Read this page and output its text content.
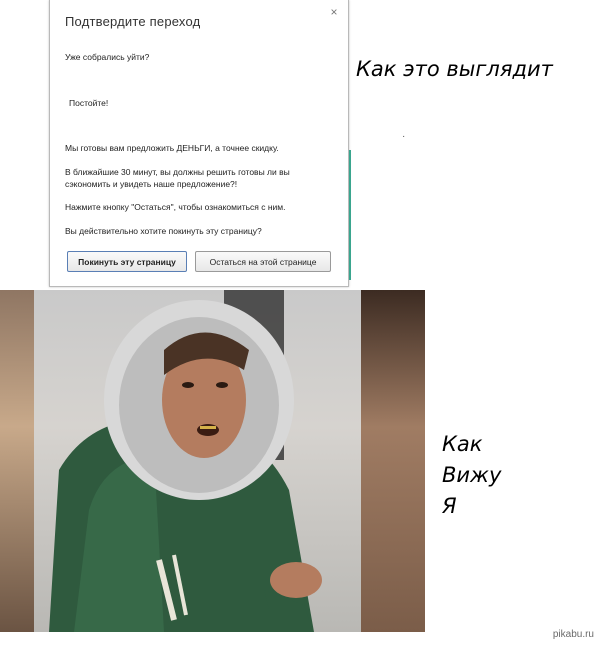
Подтвердите переход
×
Уже собрались уйти?
Постойте!
Мы готовы вам предложить ДЕНЬГИ, а точнее скидку.
В ближайшие 30 минут, вы должны решить готовы ли вы сэкономить и увидеть наше предложение?!
Нажмите кнопку "Остаться", чтобы ознакомиться с ним.
Вы действительно хотите покинуть эту страницу?
Покинуть эту страницу	Остаться на этой странице
Как это выглядит
·
Как
Вижу
Я
pikabu.ru
